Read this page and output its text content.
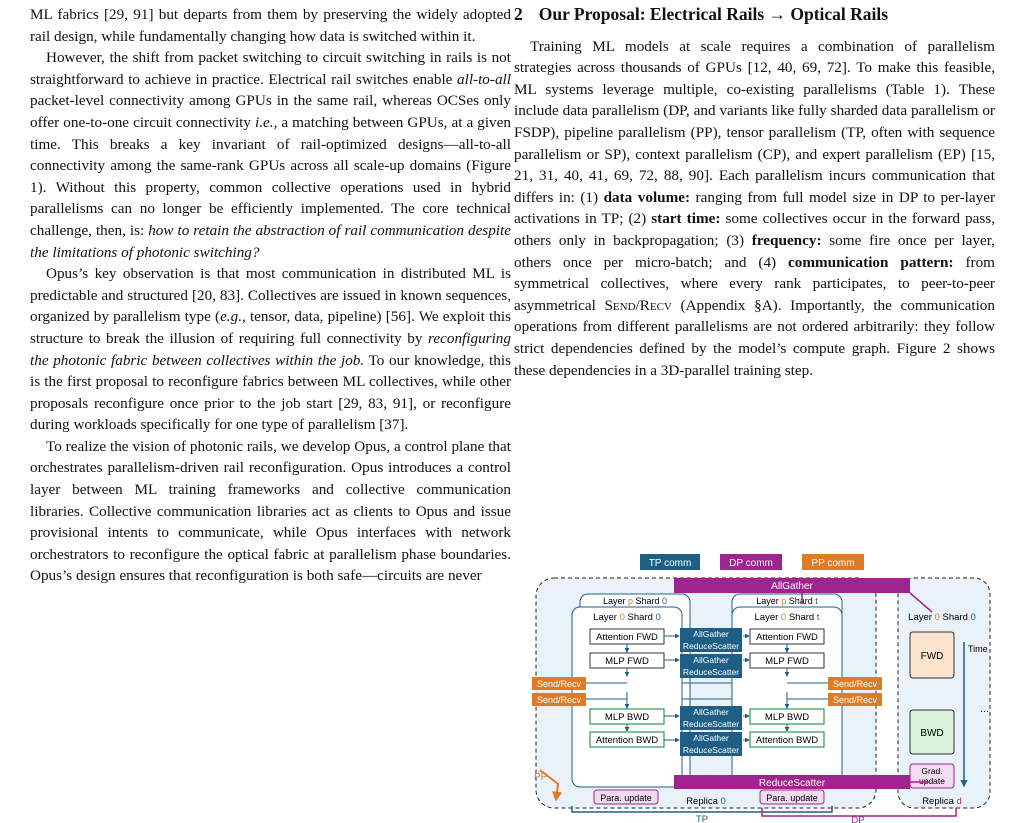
ML fabrics [29, 91] but departs from them by preserving the widely adopted rail design, while fundamentally changing how data is switched within it.

However, the shift from packet switching to circuit switching in rails is not straightforward to achieve in practice. Electrical rail switches enable all-to-all packet-level connectivity among GPUs in the same rail, whereas OCSes only offer one-to-one circuit connectivity i.e., a matching between GPUs, at a given time. This breaks a key invariant of rail-optimized designs—all-to-all connectivity among the same-rank GPUs across all scale-up domains (Figure 1). Without this property, common collective operations used in hybrid parallelisms can no longer be efficiently implemented. The core technical challenge, then, is: how to retain the abstraction of rail communication despite the limitations of photonic switching?

Opus’s key observation is that most communication in distributed ML is predictable and structured [20, 83]. Collectives are issued in known sequences, organized by parallelism type (e.g., tensor, data, pipeline) [56]. We exploit this structure to break the illusion of requiring full connectivity by reconfiguring the photonic fabric between collectives within the job. To our knowledge, this is the first proposal to reconfigure fabrics between ML collectives, while other proposals reconfigure once prior to the job start [29, 83, 91], or reconfigure during workloads specifically for one type of parallelism [37].

To realize the vision of photonic rails, we develop Opus, a control plane that orchestrates parallelism-driven rail reconfiguration. Opus introduces a control layer between ML training frameworks and collective communication libraries. Collective communication libraries act as clients to Opus and issue provisional intents to communicate, while Opus interfaces with network orchestrators to reconfigure the optical fabric at parallelism phase boundaries. Opus’s design ensures that reconfiguration is both safe—circuits are never

2 Our Proposal: Electrical Rails → Optical Rails

Training ML models at scale requires a combination of parallelism strategies across thousands of GPUs [12, 40, 69, 72]. To make this feasible, ML systems leverage multiple, co-existing parallelisms (Table 1). These include data parallelism (DP, and variants like fully sharded data parallelism or FSDP), pipeline parallelism (PP), tensor parallelism (TP, often with sequence parallelism or SP), context parallelism (CP), and expert parallelism (EP) [15, 21, 31, 40, 41, 69, 72, 88, 90]. Each parallelism incurs communication that differs in: (1) data volume: ranging from full model size in DP to per-layer activations in TP; (2) start time: some collectives occur in the forward pass, others only in backpropagation; (3) frequency: some fire once per layer, others once per micro-batch; and (4) communication pattern: from symmetrical collectives, where every rank participates, to peer-to-peer asymmetrical Send/Recv (Appendix §A). Importantly, the communication operations from different parallelisms are not ordered arbitrarily: they follow strict dependencies defined by the model’s compute graph. Figure 2 shows these dependencies in a 3D-parallel training step.

TP comm	DP comm	PP comm
AllGather
Layer p Shard 0	Layer p Shard t
Layer 0 Shard 0	Layer 0 Shard t
Attention FWD
MLP FWD
Attention FWD
MLP FWD
MLP BWD
Attention BWD
MLP BWD
Attention BWD
AllGather
ReduceScatter
AllGather
ReduceScatter
AllGather
ReduceScatter
AllGather
ReduceScatter
Send/Recv
Send/Recv
Send/Recv
Send/Recv
ReduceScatter
Para. update	Para. update
Replica 0
PP
TP	DP
Layer 0 Shard 0
FWD
BWD
Grad. update
Time
...
Replica d
